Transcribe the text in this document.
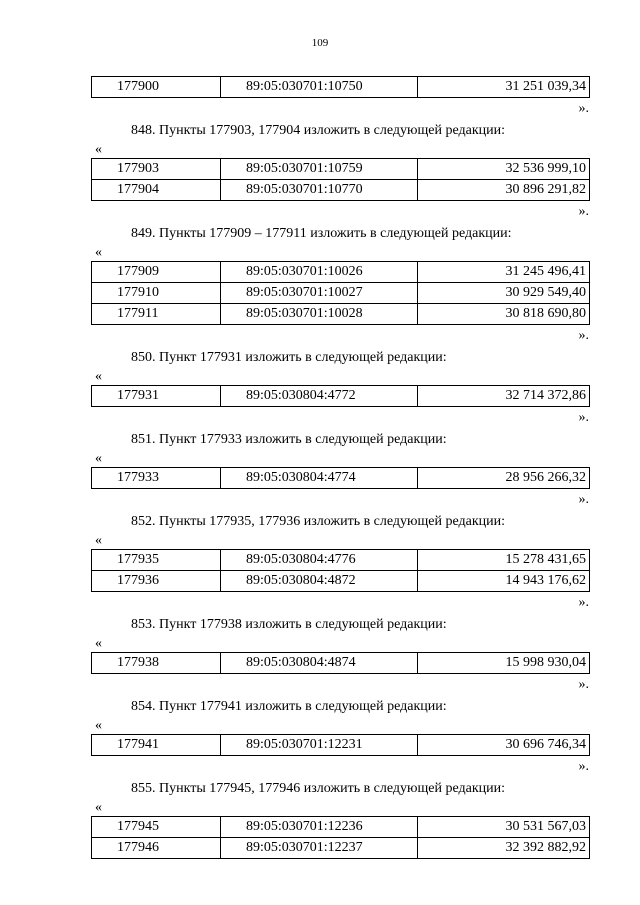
109
177900	89:05:030701:10750	31 251 039,34
».
848. Пункты 177903, 177904 изложить в следующей редакции:
«
177903	89:05:030701:10759	32 536 999,10
177904	89:05:030701:10770	30 896 291,82
».
849. Пункты 177909 – 177911 изложить в следующей редакции:
«
177909	89:05:030701:10026	31 245 496,41
177910	89:05:030701:10027	30 929 549,40
177911	89:05:030701:10028	30 818 690,80
».
850. Пункт 177931 изложить в следующей редакции:
«
177931	89:05:030804:4772	32 714 372,86
».
851. Пункт 177933 изложить в следующей редакции:
«
177933	89:05:030804:4774	28 956 266,32
».
852. Пункты 177935, 177936 изложить в следующей редакции:
«
177935	89:05:030804:4776	15 278 431,65
177936	89:05:030804:4872	14 943 176,62
».
853. Пункт 177938 изложить в следующей редакции:
«
177938	89:05:030804:4874	15 998 930,04
».
854. Пункт 177941 изложить в следующей редакции:
«
177941	89:05:030701:12231	30 696 746,34
».
855. Пункты 177945, 177946 изложить в следующей редакции:
«
177945	89:05:030701:12236	30 531 567,03
177946	89:05:030701:12237	32 392 882,92
